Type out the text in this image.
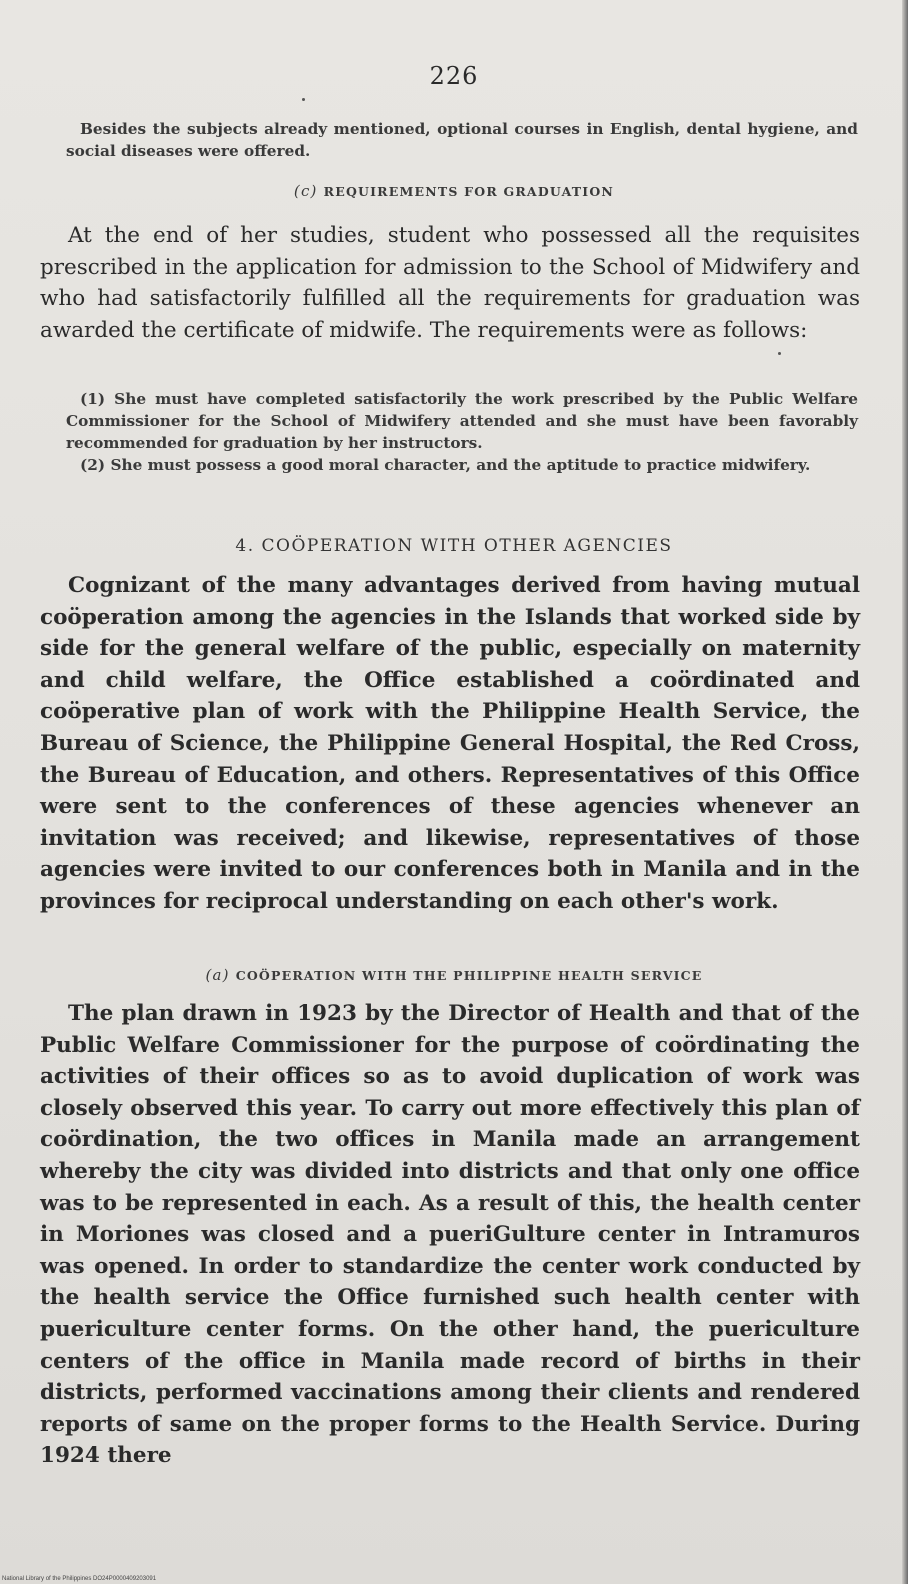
226

Besides the subjects already mentioned, optional courses in English, dental hygiene, and social diseases were offered.

(c) REQUIREMENTS FOR GRADUATION

At the end of her studies, student who possessed all the requisites prescribed in the application for admission to the School of Midwifery and who had satisfactorily fulfilled all the requirements for graduation was awarded the certificate of midwife. The requirements were as follows:

(1) She must have completed satisfactorily the work prescribed by the Public Welfare Commissioner for the School of Midwifery attended and she must have been favorably recommended for graduation by her instructors.

(2) She must possess a good moral character, and the aptitude to practice midwifery.

4. COÖPERATION WITH OTHER AGENCIES

Cognizant of the many advantages derived from having mutual coöperation among the agencies in the Islands that worked side by side for the general welfare of the public, especially on maternity and child welfare, the Office established a coördinated and coöperative plan of work with the Philippine Health Service, the Bureau of Science, the Philippine General Hospital, the Red Cross, the Bureau of Education, and others. Representatives of this Office were sent to the conferences of these agencies whenever an invitation was received; and likewise, representatives of those agencies were invited to our conferences both in Manila and in the provinces for reciprocal understanding on each other's work.

(a) COÖPERATION WITH THE PHILIPPINE HEALTH SERVICE

The plan drawn in 1923 by the Director of Health and that of the Public Welfare Commissioner for the purpose of coördinating the activities of their offices so as to avoid duplication of work was closely observed this year. To carry out more effectively this plan of coördination, the two offices in Manila made an arrangement whereby the city was divided into districts and that only one office was to be represented in each. As a result of this, the health center in Moriones was closed and a pueriGulture center in Intramuros was opened. In order to standardize the center work conducted by the health service the Office furnished such health center with puericulture center forms. On the other hand, the puericulture centers of the office in Manila made record of births in their districts, performed vaccinations among their clients and rendered reports of same on the proper forms to the Health Service. During 1924 there

National Library of the Philippines DO24P0000409203091
